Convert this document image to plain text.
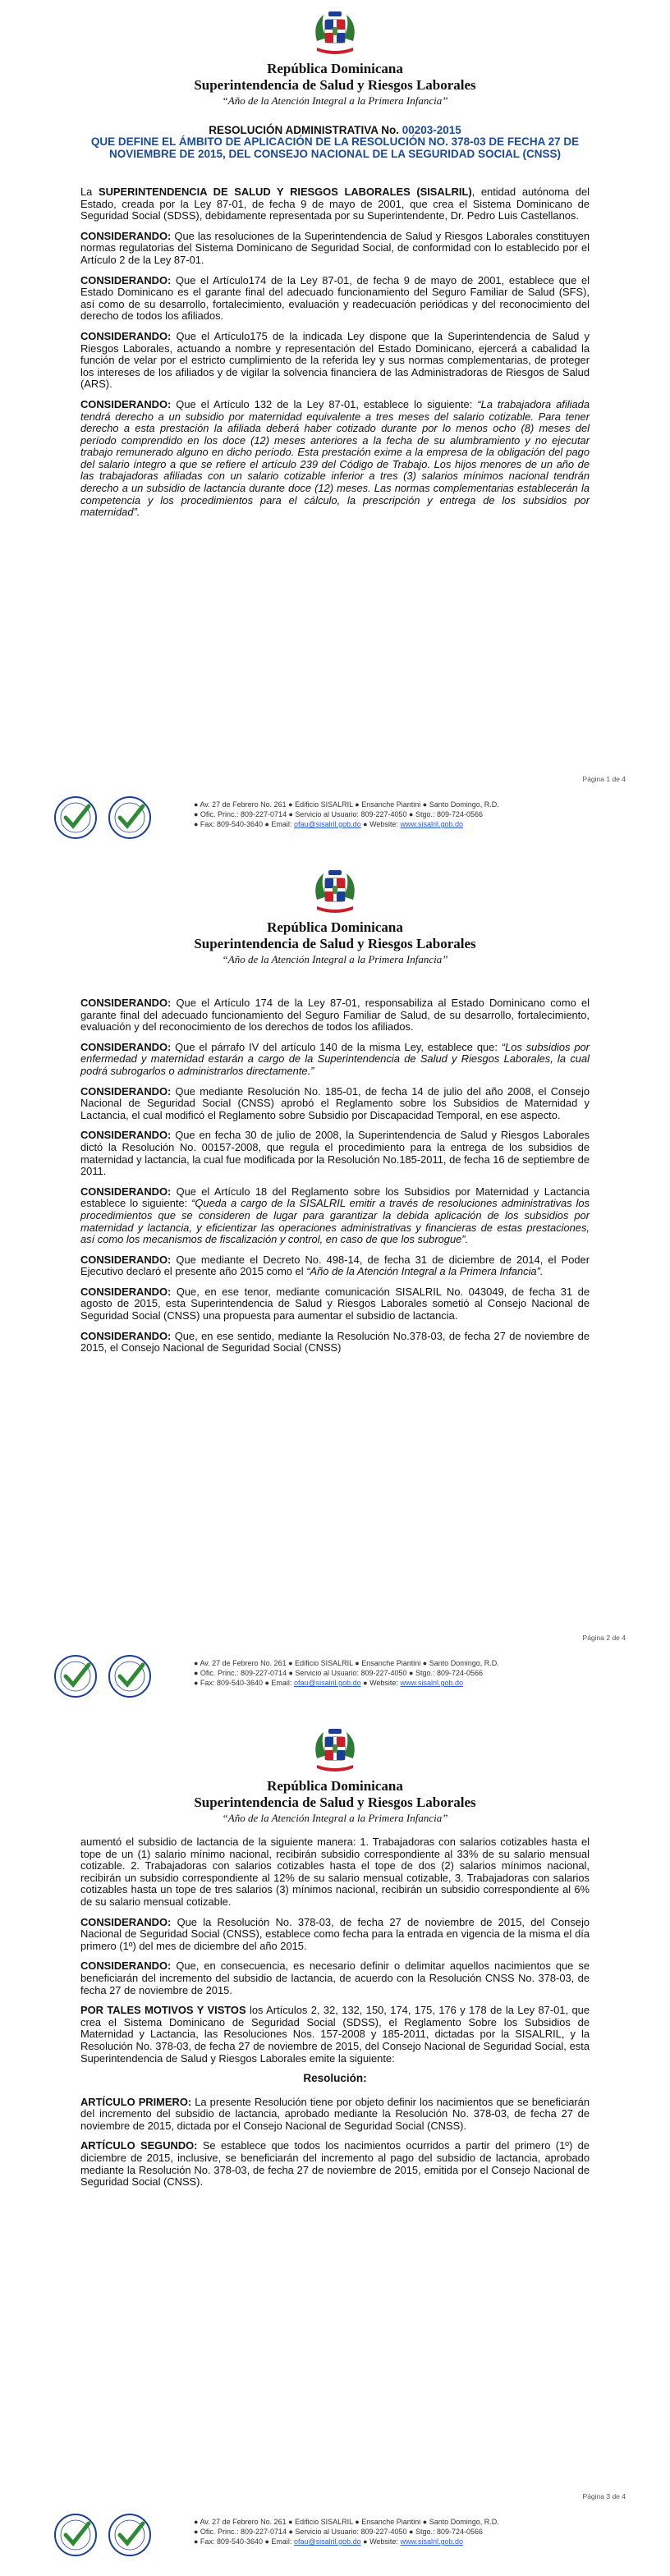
República Dominicana
Superintendencia de Salud y Riesgos Laborales
“Año de la Atención Integral a la Primera Infancia”
RESOLUCIÓN ADMINISTRATIVA No. 00203-2015
QUE DEFINE EL ÁMBITO DE APLICACIÓN DE LA RESOLUCIÓN NO. 378-03 DE FECHA 27 DE NOVIEMBRE DE 2015, DEL CONSEJO NACIONAL DE LA SEGURIDAD SOCIAL (CNSS)

La SUPERINTENDENCIA DE SALUD Y RIESGOS LABORALES (SISALRIL), entidad autónoma del Estado, creada por la Ley 87-01, de fecha 9 de mayo de 2001, que crea el Sistema Dominicano de Seguridad Social (SDSS), debidamente representada por su Superintendente, Dr. Pedro Luis Castellanos.

CONSIDERANDO: Que las resoluciones de la Superintendencia de Salud y Riesgos Laborales constituyen normas regulatorias del Sistema Dominicano de Seguridad Social, de conformidad con lo establecido por el Artículo 2 de la Ley 87-01.

CONSIDERANDO: Que el Artículo174 de la Ley 87-01, de fecha 9 de mayo de 2001, establece que el Estado Dominicano es el garante final del adecuado funcionamiento del Seguro Familiar de Salud (SFS), así como de su desarrollo, fortalecimiento, evaluación y readecuación periódicas y del reconocimiento del derecho de todos los afiliados.

CONSIDERANDO: Que el Artículo175 de la indicada Ley dispone que la Superintendencia de Salud y Riesgos Laborales, actuando a nombre y representación del Estado Dominicano, ejercerá a cabalidad la función de velar por el estricto cumplimiento de la referida ley y sus normas complementarias, de proteger los intereses de los afiliados y de vigilar la solvencia financiera de las Administradoras de Riesgos de Salud (ARS).

CONSIDERANDO: Que el Artículo 132 de la Ley 87-01, establece lo siguiente: “La trabajadora afiliada tendrá derecho a un subsidio por maternidad equivalente a tres meses del salario cotizable. Para tener derecho a esta prestación la afiliada deberá haber cotizado durante por lo menos ocho (8) meses del período comprendido en los doce (12) meses anteriores a la fecha de su alumbramiento y no ejecutar trabajo remunerado alguno en dicho período. Esta prestación exime a la empresa de la obligación del pago del salario íntegro a que se refiere el artículo 239 del Código de Trabajo. Los hijos menores de un año de las trabajadoras afiliadas con un salario cotizable inferior a tres (3) salarios mínimos nacional tendrán derecho a un subsidio de lactancia durante doce (12) meses. Las normas complementarias establecerán la competencia y los procedimientos para el cálculo, la prescripción y entrega de los subsidios por maternidad”.

Página 1 de 4
● Av. 27 de Febrero No. 261 ● Edificio SISALRIL ● Ensanche Piantini ● Santo Domingo, R.D.
● Ofic. Princ.: 809-227-0714 ● Servicio al Usuario: 809-227-4050 ● Stgo.: 809-724-0566
● Fax: 809-540-3640 ● Email: ofau@sisalril.gob.do ● Website: www.sisalril.gob.do
República Dominicana
Superintendencia de Salud y Riesgos Laborales
“Año de la Atención Integral a la Primera Infancia”

CONSIDERANDO: Que el Artículo 174 de la Ley 87-01, responsabiliza al Estado Dominicano como el garante final del adecuado funcionamiento del Seguro Familiar de Salud, de su desarrollo, fortalecimiento, evaluación y del reconocimiento de los derechos de todos los afiliados.

CONSIDERANDO: Que el párrafo IV del artículo 140 de la misma Ley, establece que: “Los subsidios por enfermedad y maternidad estarán a cargo de la Superintendencia de Salud y Riesgos Laborales, la cual podrá subrogarlos o administrarlos directamente.”

CONSIDERANDO: Que mediante Resolución No. 185-01, de fecha 14 de julio del año 2008, el Consejo Nacional de Seguridad Social (CNSS) aprobó el Reglamento sobre los Subsidios de Maternidad y Lactancia, el cual modificó el Reglamento sobre Subsidio por Discapacidad Temporal, en ese aspecto.

CONSIDERANDO: Que en fecha 30 de julio de 2008, la Superintendencia de Salud y Riesgos Laborales dictó la Resolución No. 00157-2008, que regula el procedimiento para la entrega de los subsidios de maternidad y lactancia, la cual fue modificada por la Resolución No.185-2011, de fecha 16 de septiembre de 2011.

CONSIDERANDO: Que el Artículo 18 del Reglamento sobre los Subsidios por Maternidad y Lactancia establece lo siguiente: “Queda a cargo de la SISALRIL emitir a través de resoluciones administrativas los procedimientos que se consideren de lugar para garantizar la debida aplicación de los subsidios por maternidad y lactancia, y eficientizar las operaciones administrativas y financieras de estas prestaciones, así como los mecanismos de fiscalización y control, en caso de que los subrogue”.

CONSIDERANDO: Que mediante el Decreto No. 498-14, de fecha 31 de diciembre de 2014, el Poder Ejecutivo declaró el presente año 2015 como el “Año de la Atención Integral a la Primera Infancia”.

CONSIDERANDO: Que, en ese tenor, mediante comunicación SISALRIL No. 043049, de fecha 31 de agosto de 2015, esta Superintendencia de Salud y Riesgos Laborales sometió al Consejo Nacional de Seguridad Social (CNSS) una propuesta para aumentar el subsidio de lactancia.

CONSIDERANDO: Que, en ese sentido, mediante la Resolución No.378-03, de fecha 27 de noviembre de 2015, el Consejo Nacional de Seguridad Social (CNSS)

Página 2 de 4
● Av. 27 de Febrero No. 261 ● Edificio SISALRIL ● Ensanche Piantini ● Santo Domingo, R.D.
● Ofic. Princ.: 809-227-0714 ● Servicio al Usuario: 809-227-4050 ● Stgo.: 809-724-0566
● Fax: 809-540-3640 ● Email: ofau@sisalril.gob.do ● Website: www.sisalril.gob.do
República Dominicana
Superintendencia de Salud y Riesgos Laborales
“Año de la Atención Integral a la Primera Infancia”

aumentó el subsidio de lactancia de la siguiente manera: 1. Trabajadoras con salarios cotizables hasta el tope de un (1) salario mínimo nacional, recibirán subsidio correspondiente al 33% de su salario mensual cotizable. 2. Trabajadoras con salarios cotizables hasta el tope de dos (2) salarios mínimos nacional, recibirán un subsidio correspondiente al 12% de su salario mensual cotizable, 3. Trabajadoras con salarios cotizables hasta un tope de tres salarios (3) mínimos nacional, recibirán un subsidio correspondiente al 6% de su salario mensual cotizable.

CONSIDERANDO: Que la Resolución No. 378-03, de fecha 27 de noviembre de 2015, del Consejo Nacional de Seguridad Social (CNSS), establece como fecha para la entrada en vigencia de la misma el día primero (1º) del mes de diciembre del año 2015.

CONSIDERANDO: Que, en consecuencia, es necesario definir o delimitar aquellos nacimientos que se beneficiarán del incremento del subsidio de lactancia, de acuerdo con la Resolución CNSS No. 378-03, de fecha 27 de noviembre de 2015.

POR TALES MOTIVOS Y VISTOS los Artículos 2, 32, 132, 150, 174, 175, 176 y 178 de la Ley 87-01, que crea el Sistema Dominicano de Seguridad Social (SDSS), el Reglamento Sobre los Subsidios de Maternidad y Lactancia, las Resoluciones Nos. 157-2008 y 185-2011, dictadas por la SISALRIL, y la Resolución No. 378-03, de fecha 27 de noviembre de 2015, del Consejo Nacional de Seguridad Social, esta Superintendencia de Salud y Riesgos Laborales emite la siguiente:

Resolución:

ARTÍCULO PRIMERO: La presente Resolución tiene por objeto definir los nacimientos que se beneficiarán del incremento del subsidio de lactancia, aprobado mediante la Resolución No. 378-03, de fecha 27 de noviembre de 2015, dictada por el Consejo Nacional de Seguridad Social (CNSS).

ARTÍCULO SEGUNDO: Se establece que todos los nacimientos ocurridos a partir del primero (1º) de diciembre de 2015, inclusive, se beneficiarán del incremento al pago del subsidio de lactancia, aprobado mediante la Resolución No. 378-03, de fecha 27 de noviembre de 2015, emitida por el Consejo Nacional de Seguridad Social (CNSS).

Página 3 de 4
● Av. 27 de Febrero No. 261 ● Edificio SISALRIL ● Ensanche Piantini ● Santo Domingo, R.D.
● Ofic. Princ.: 809-227-0714 ● Servicio al Usuario: 809-227-4050 ● Stgo.: 809-724-0566
● Fax: 809-540-3640 ● Email: ofau@sisalril.gob.do ● Website: www.sisalril.gob.do
